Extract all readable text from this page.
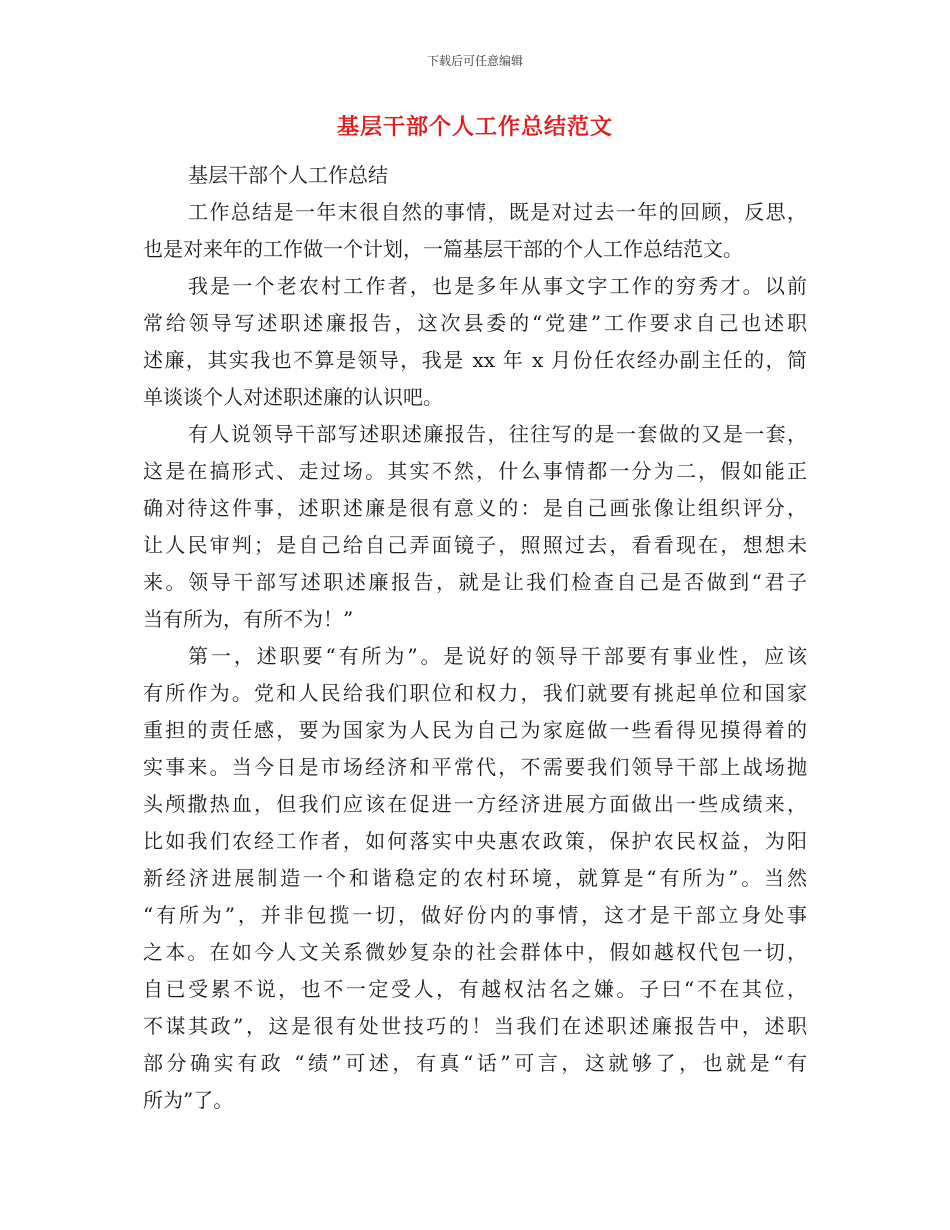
下载后可任意编辑
基层干部个人工作总结范文
基层干部个人工作总结
工作总结是一年末很自然的事情，既是对过去一年的回顾，反思，
也是对来年的工作做一个计划，一篇基层干部的个人工作总结范文。
我是一个老农村工作者，也是多年从事文字工作的穷秀才。以前
常给领导写述职述廉报告，这次县委的“党建”工作要求自己也述职
述廉，其实我也不算是领导，我是 xx 年 x 月份任农经办副主任的，简
单谈谈个人对述职述廉的认识吧。
有人说领导干部写述职述廉报告，往往写的是一套做的又是一套，
这是在搞形式、走过场。其实不然，什么事情都一分为二，假如能正
确对待这件事，述职述廉是很有意义的：是自己画张像让组织评分，
让人民审判；是自己给自己弄面镜子，照照过去，看看现在，想想未
来。领导干部写述职述廉报告，就是让我们检查自己是否做到“君子
当有所为，有所不为！”
第一，述职要“有所为”。是说好的领导干部要有事业性，应该
有所作为。党和人民给我们职位和权力，我们就要有挑起单位和国家
重担的责任感，要为国家为人民为自己为家庭做一些看得见摸得着的
实事来。当今日是市场经济和平常代，不需要我们领导干部上战场抛
头颅撒热血，但我们应该在促进一方经济进展方面做出一些成绩来，
比如我们农经工作者，如何落实中央惠农政策，保护农民权益，为阳
新经济进展制造一个和谐稳定的农村环境，就算是“有所为”。当然
“有所为”，并非包揽一切，做好份内的事情，这才是干部立身处事
之本。在如今人文关系微妙复杂的社会群体中，假如越权代包一切，
自已受累不说，也不一定受人，有越权沽名之嫌。子曰“不在其位，
不谋其政”，这是很有处世技巧的！当我们在述职述廉报告中，述职
部分确实有政 “绩”可述，有真“话”可言，这就够了，也就是“有
所为”了。
